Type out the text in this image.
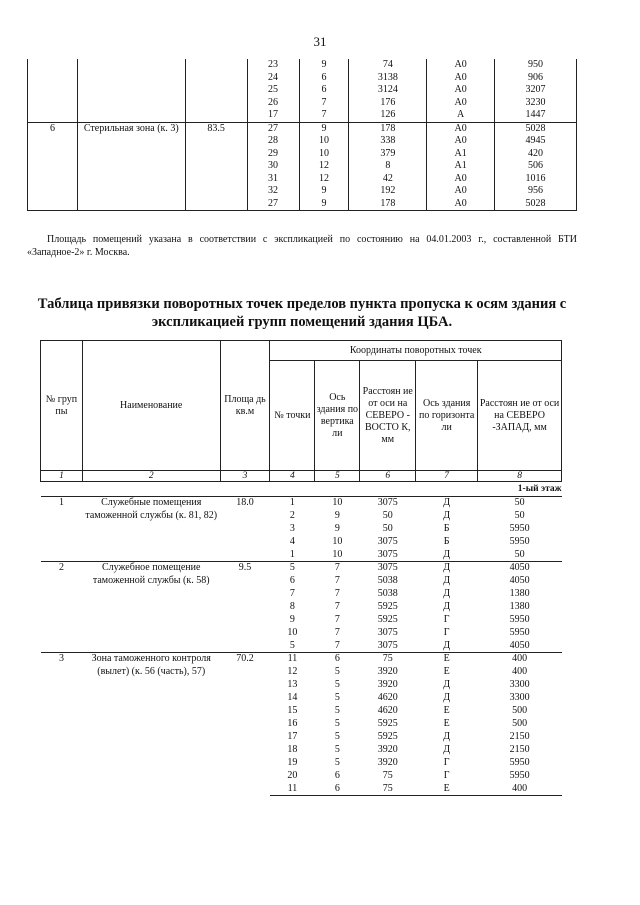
31
			23	9	74	A0	950
			24	6	3138	A0	906
			25	6	3124	A0	3207
			26	7	176	A0	3230
			17	7	126	A	1447
6	Стерильная зона (к. 3)	83.5	27	9	178	A0	5028
			28	10	338	A0	4945
			29	10	379	A1	420
			30	12	8	A1	506
			31	12	42	A0	1016
			32	9	192	A0	956
			27	9	178	A0	5028

Площадь помещений указана в соответствии с экспликацией по состоянию на 04.01.2003 г., составленной БТИ «Западное-2» г. Москва.

Таблица привязки поворотных точек пределов пункта пропуска к осям здания с экспликацией групп помещений здания ЦБА.
№ груп пы	Наименование	Площа дь кв.м	Координаты поворотных точек				
			№ точки	Ось здания по вертика ли	Расстоян ие от оси на СЕВЕРО - ВОСТО К, мм	Ось здания по горизонта ли	Расстоян ие от оси на СЕВЕРО -ЗАПАД, мм
1	2	3	4	5	6	7	8
1-ый этаж							
1	Служебные помещения таможенной службы (к. 81, 82)	18.0	1	10	3075	Д	50
			2	9	50	Д	50
			3	9	50	Б	5950
			4	10	3075	Б	5950
			1	10	3075	Д	50
2	Служебное помещение таможенной службы (к. 58)	9.5	5	7	3075	Д	4050
			6	7	5038	Д	4050
			7	7	5038	Д	1380
			8	7	5925	Д	1380
			9	7	5925	Г	5950
			10	7	3075	Г	5950
			5	7	3075	Д	4050
3	Зона таможенного контроля (вылет) (к. 56 (часть), 57)	70.2	11	6	75	Е	400
			12	5	3920	Е	400
			13	5	3920	Д	3300
			14	5	4620	Д	3300
			15	5	4620	Е	500
			16	5	5925	Е	500
			17	5	5925	Д	2150
			18	5	3920	Д	2150
			19	5	3920	Г	5950
			20	6	75	Г	5950
			11	6	75	Е	400
